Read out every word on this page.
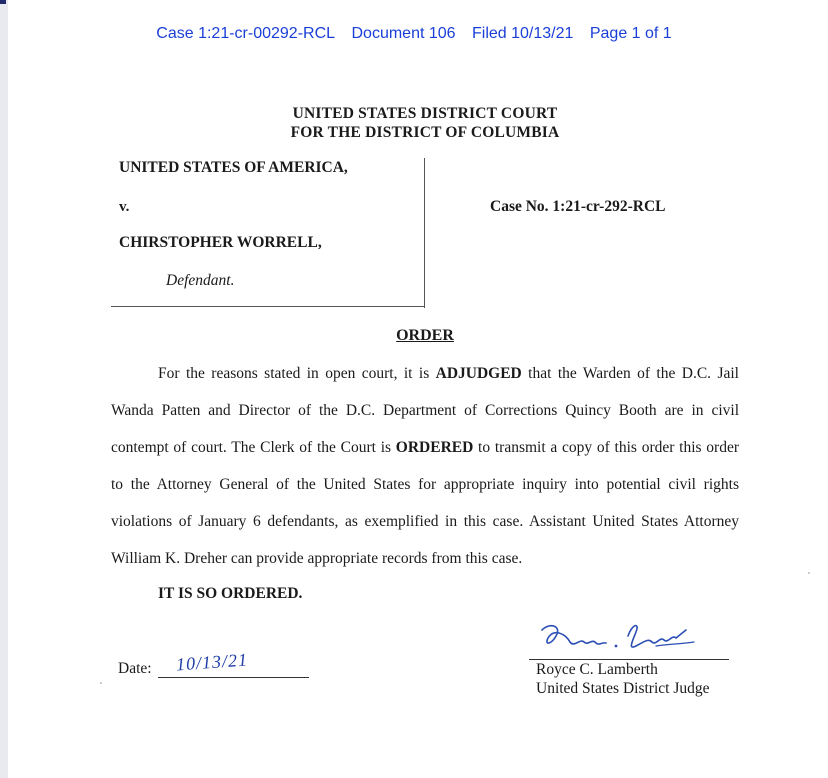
Case 1:21-cr-00292-RCL Document 106 Filed 10/13/21 Page 1 of 1
UNITED STATES DISTRICT COURT
FOR THE DISTRICT OF COLUMBIA
UNITED STATES OF AMERICA,
v.
CHIRSTOPHER WORRELL,
Defendant.
Case No. 1:21-cr-292-RCL
ORDER
For the reasons stated in open court, it is ADJUDGED that the Warden of the D.C. Jail
Wanda Patten and Director of the D.C. Department of Corrections Quincy Booth are in civil
contempt of court. The Clerk of the Court is ORDERED to transmit a copy of this order this order
to the Attorney General of the United States for appropriate inquiry into potential civil rights
violations of January 6 defendants, as exemplified in this case. Assistant United States Attorney
William K. Dreher can provide appropriate records from this case.
IT IS SO ORDERED.
Date: 10/13/21	Royce C. Lamberth
United States District Judge
